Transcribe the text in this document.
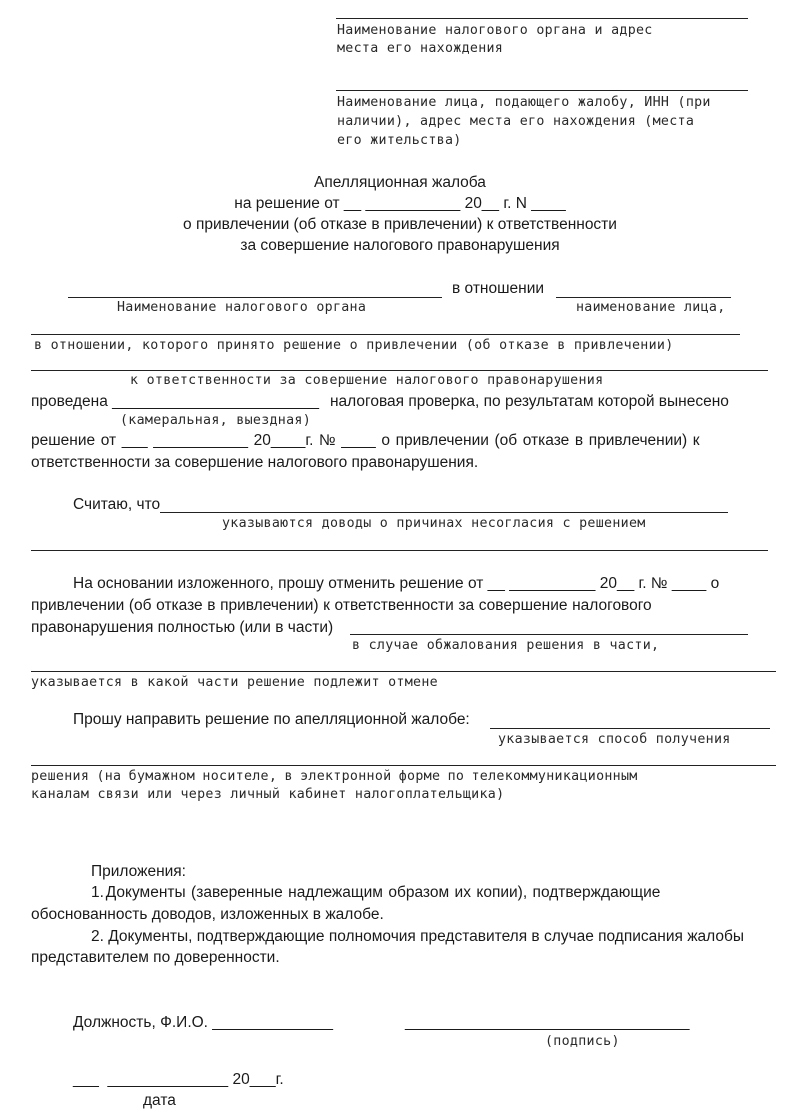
Наименование налогового органа и адрес
места его нахождения
Наименование лица, подающего жалобу, ИНН (при
наличии), адрес места его нахождения (места
его жительства)
Апелляционная жалоба
на решение от __ ___________ 20__ г. N ____
о привлечении (об отказе в привлечении) к ответственности
за совершение налогового правонарушения
в отношении
Наименование налогового органа	наименование лица,
в отношении, которого принято решение о привлечении (об отказе в привлечении)
к ответственности за совершение налогового правонарушения
проведена ________________________ налоговая проверка, по результатам которой вынесено
(камеральная, выездная)
решение  от  ___  ___________  20____г.  №  ____  о  привлечении  (об  отказе  в  привлечении)  к
ответственности за совершение налогового правонарушения.
Считаю, что
указываются доводы о причинах несогласия с решением
На основании изложенного, прошу отменить решение от __ __________ 20__ г. № ____ о
привлечении  (об  отказе  в  привлечении)  к  ответственности  за  совершение  налогового
правонарушения полностью (или в части)
в случае обжалования решения в части,
указывается в какой части решение подлежит отмене
Прошу направить решение по апелляционной жалобе:
указывается способ получения
решения (на бумажном носителе, в электронной форме по телекоммуникационным
каналам связи или через личный кабинет налогоплательщика)
Приложения:
1. Документы   (заверенные   надлежащим   образом   их   копии),   подтверждающие
обоснованность доводов, изложенных в жалобе.
2. Документы, подтверждающие полномочия представителя в случае подписания жалобы
представителем по доверенности.
Должность, Ф.И.О. ______________	_________________________________
(подпись)
___  ______________ 20___г.
дата
